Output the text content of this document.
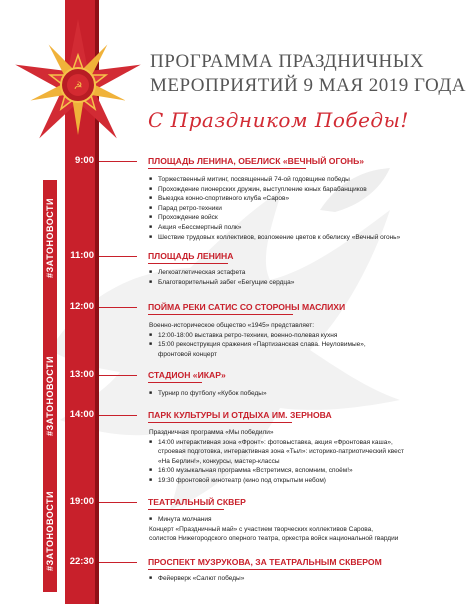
#ЗАТОНОВОСТИ
#ЗАТОНОВОСТИ
#ЗАТОНОВОСТИ
☭
ПРОГРАММА ПРАЗДНИЧНЫХ
МЕРОПРИЯТИЙ 9 МАЯ 2019 ГОДА
С Праздником Победы!
9:00	ПЛОЩАДЬ ЛЕНИНА, ОБЕЛИСК «ВЕЧНЫЙ ОГОНЬ»
■ Торжественный митинг, посвященный 74-ой годовщине победы
■ Прохождение пионерских дружин, выступление юных барабанщиков
■ Выездка конно-спортивного клуба «Саров»
■ Парад ретро-техники
■ Прохождение войск
■ Акция «Бессмертный полк»
■ Шествие трудовых коллективов, возложение цветов к обелиску «Вечный огонь»
11:00	ПЛОЩАДЬ ЛЕНИНА
■ Легкоатлетическая эстафета
■ Благотворительный забег «Бегущие сердца»
12:00	ПОЙМА РЕКИ САТИС СО СТОРОНЫ МАСЛИХИ
Военно-историческое общество «1945» представляет:
■ 12:00-18:00 выставка ретро-техники, военно-полевая кухня
■ 15:00 реконструкция сражения «Партизанская слава. Неуловимые»,
фронтовой концерт
13:00	СТАДИОН «ИКАР»
■ Турнир по футболу «Кубок победы»
14:00	ПАРК КУЛЬТУРЫ И ОТДЫХА ИМ. ЗЕРНОВА
Праздничная программа «Мы победили»
■ 14:00 интерактивная зона «Фронт»: фотовыставка, акция «Фронтовая каша»,
строевая подготовка, интерактивная зона «Тыл»: историко-патриотический квест
«На Берлин!», конкурсы, мастер-классы
■ 16:00 музыкальная программа «Встретимся, вспомним, споём!»
■ 19:30 фронтовой кинотеатр (кино под открытым небом)
19:00	ТЕАТРАЛЬНЫЙ СКВЕР
■ Минута молчания
Концерт «Праздничный май» с участием творческих коллективов Сарова,
солистов Нижегородского оперного театра, оркестра войск национальной гвардии
22:30	ПРОСПЕКТ МУЗРУКОВА, ЗА ТЕАТРАЛЬНЫМ СКВЕРОМ
■ Фейерверк «Салют победы»
